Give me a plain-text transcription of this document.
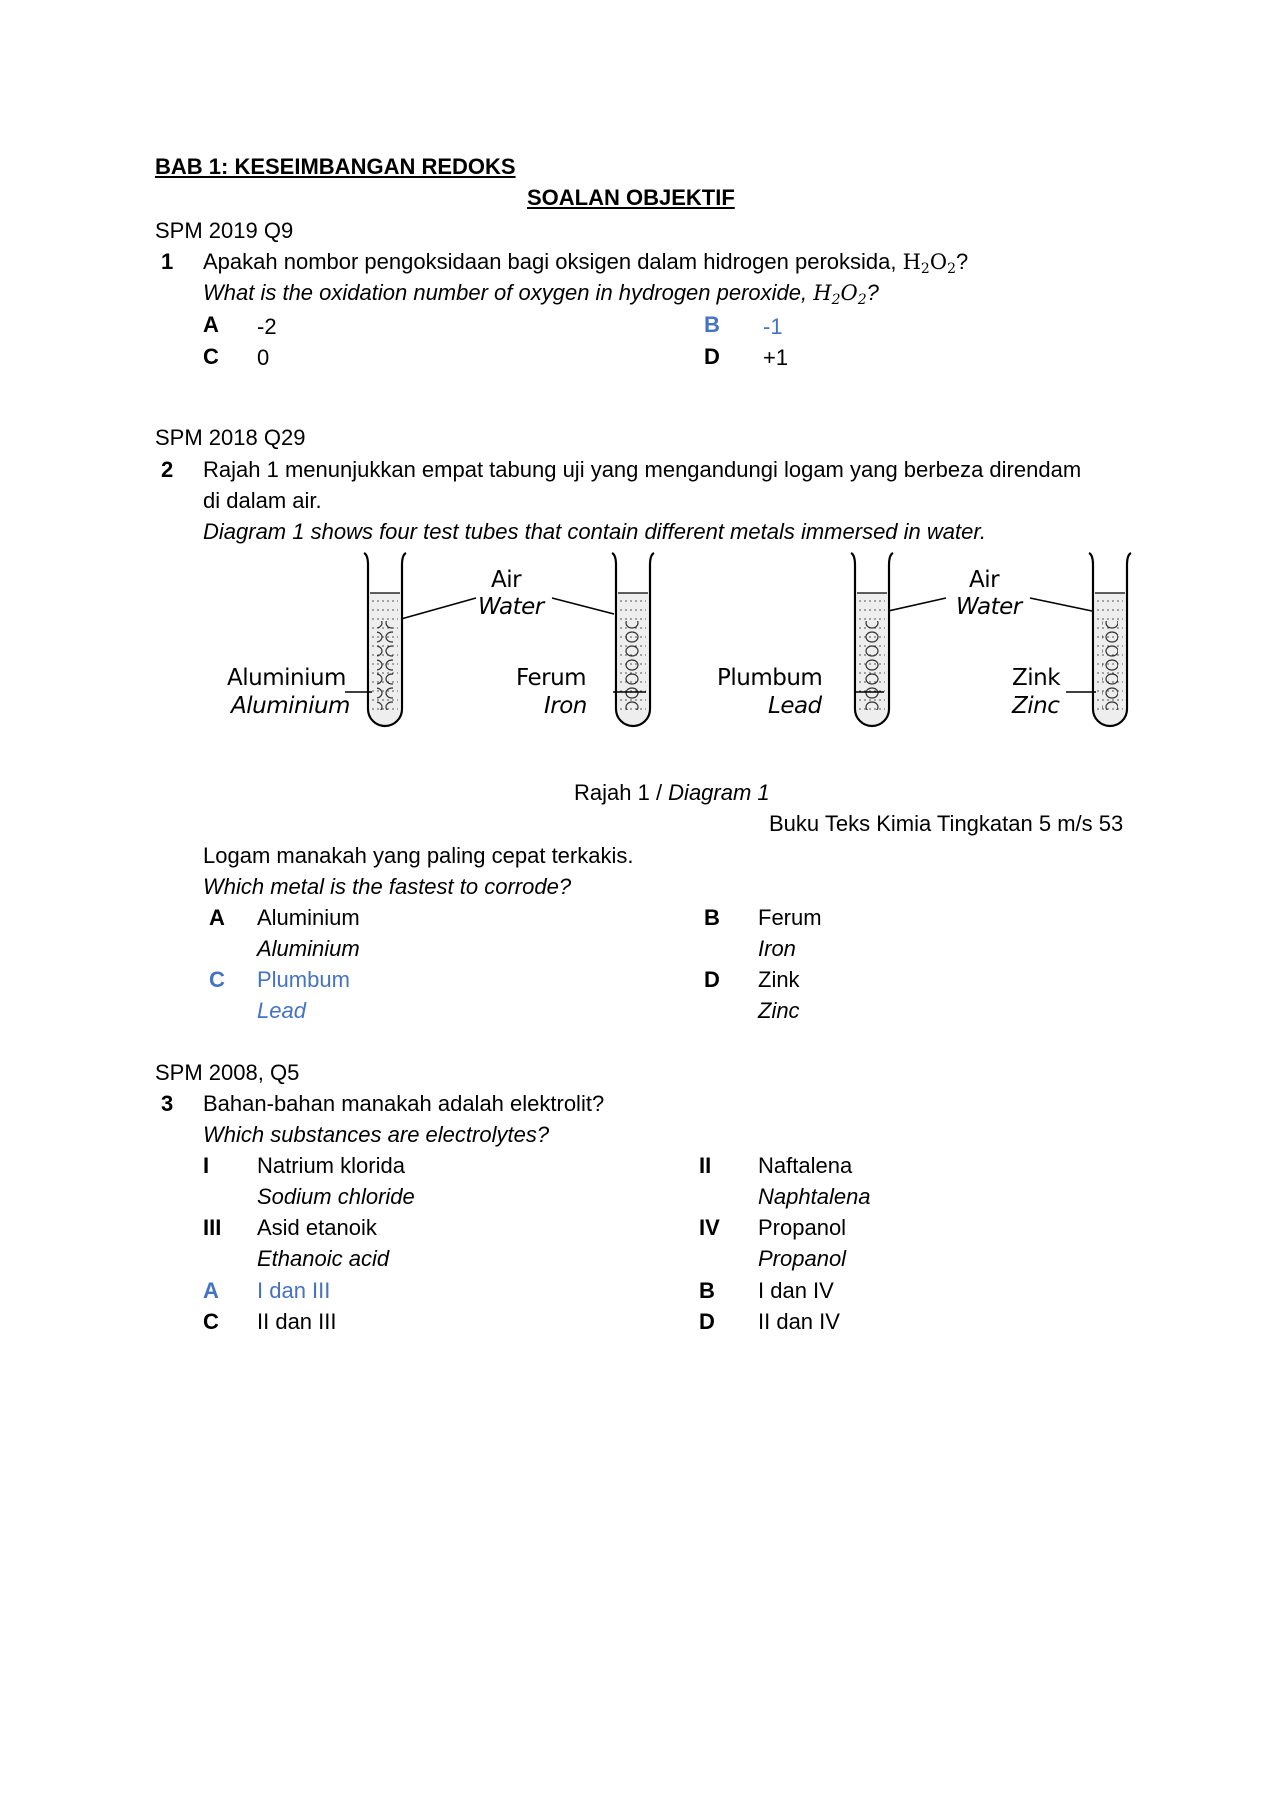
BAB 1: KESEIMBANGAN REDOKS
SOALAN OBJEKTIF
SPM 2019 Q9
1 Apakah nombor pengoksidaan bagi oksigen dalam hidrogen peroksida, $H_2O_2$?
What is the oxidation number of oxygen in hydrogen peroxide, $H_2O_2$?
A -2	B -1
C 0	D +1
SPM 2018 Q29
2 Rajah 1 menunjukkan empat tabung uji yang mengandungi logam yang berbeza direndam
di dalam air.
Diagram 1 shows four test tubes that contain different metals immersed in water.
Air
Water
Air
Water
Aluminium
Aluminium
Ferum
Iron
Plumbum
Lead
Zink
Zinc
Rajah 1 / Diagram 1
Buku Teks Kimia Tingkatan 5 m/s 53
Logam manakah yang paling cepat terkakis.
Which metal is the fastest to corrode?
A Aluminium
Aluminium
B Ferum
Iron
C Plumbum
Lead
D Zink
Zinc
SPM 2008, Q5
3 Bahan-bahan manakah adalah elektrolit?
Which substances are electrolytes?
I Natrium klorida
Sodium chloride
II Naftalena
Naphtalena
III Asid etanoik
Ethanoic acid
IV Propanol
Propanol
A I dan III	B I dan IV
C II dan III	D II dan IV
